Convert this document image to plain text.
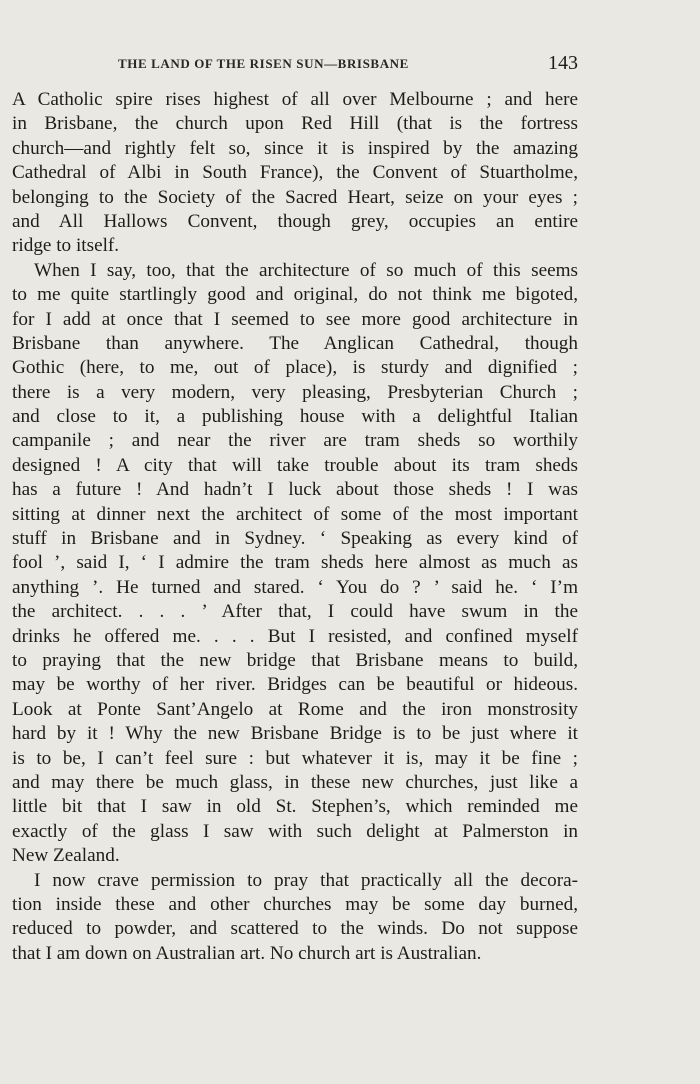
THE LAND OF THE RISEN SUN—BRISBANE	143
A Catholic spire rises highest of all over Melbourne ; and here
in Brisbane, the church upon Red Hill (that is the fortress
church—and rightly felt so, since it is inspired by the amazing
Cathedral of Albi in South France), the Convent of Stuartholme,
belonging to the Society of the Sacred Heart, seize on your eyes ;
and All Hallows Convent, though grey, occupies an entire
ridge to itself.
When I say, too, that the architecture of so much of this seems
to me quite startlingly good and original, do not think me bigoted,
for I add at once that I seemed to see more good architecture in
Brisbane than anywhere. The Anglican Cathedral, though
Gothic (here, to me, out of place), is sturdy and dignified ;
there is a very modern, very pleasing, Presbyterian Church ;
and close to it, a publishing house with a delightful Italian
campanile ; and near the river are tram sheds so worthily
designed ! A city that will take trouble about its tram sheds
has a future ! And hadn’t I luck about those sheds ! I was
sitting at dinner next the architect of some of the most important
stuff in Brisbane and in Sydney. ‘ Speaking as every kind of
fool ’, said I, ‘ I admire the tram sheds here almost as much as
anything ’. He turned and stared. ‘ You do ? ’ said he. ‘ I’m
the architect. . . . ’ After that, I could have swum in the
drinks he offered me. . . . But I resisted, and confined myself
to praying that the new bridge that Brisbane means to build,
may be worthy of her river. Bridges can be beautiful or hideous.
Look at Ponte Sant’Angelo at Rome and the iron monstrosity
hard by it ! Why the new Brisbane Bridge is to be just where it
is to be, I can’t feel sure : but whatever it is, may it be fine ;
and may there be much glass, in these new churches, just like a
little bit that I saw in old St. Stephen’s, which reminded me
exactly of the glass I saw with such delight at Palmerston in
New Zealand.
I now crave permission to pray that practically all the decora-
tion inside these and other churches may be some day burned,
reduced to powder, and scattered to the winds. Do not suppose
that I am down on Australian art. No church art is Australian.
